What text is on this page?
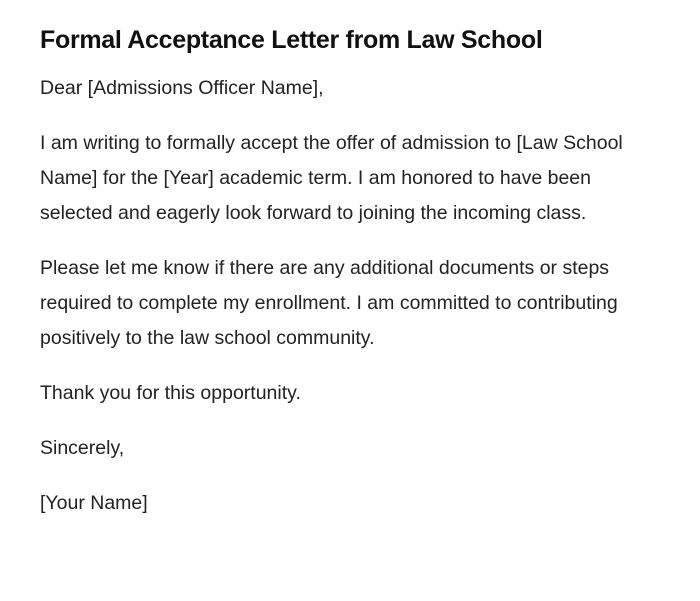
Formal Acceptance Letter from Law School

Dear [Admissions Officer Name],

I am writing to formally accept the offer of admission to [Law School Name] for the [Year] academic term. I am honored to have been selected and eagerly look forward to joining the incoming class.

Please let me know if there are any additional documents or steps required to complete my enrollment. I am committed to contributing positively to the law school community.

Thank you for this opportunity.

Sincerely,

[Your Name]
